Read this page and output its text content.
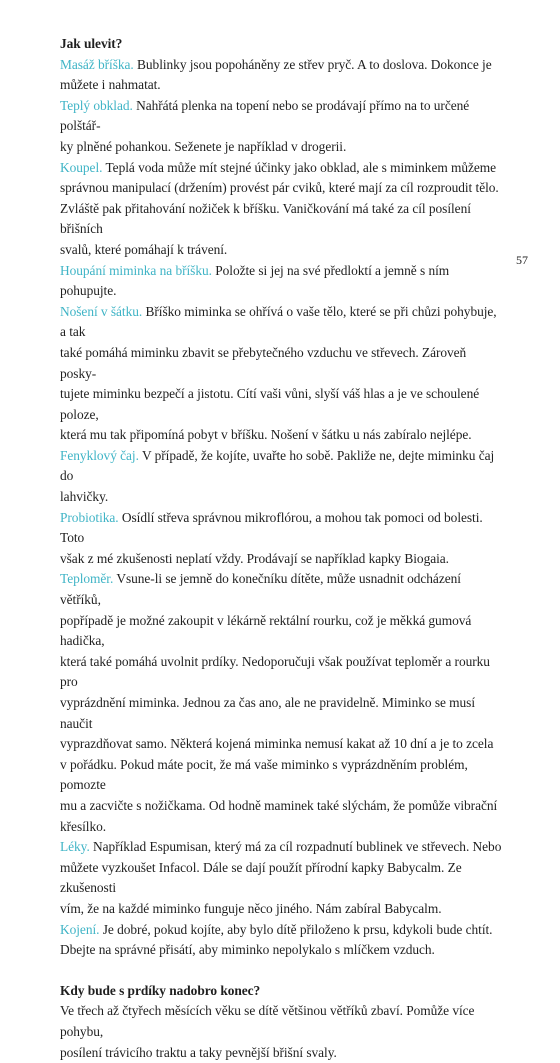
Jak ulevit?

Masáž bříška. Bublinky jsou popoháněny ze střev pryč. A to doslova. Dokonce je
můžete i nahmatat.

Teplý obklad. Nahřátá plenka na topení nebo se prodávají přímo na to určené polštář-
ky plněné pohankou. Seženete je například v drogerii.

Koupel. Teplá voda může mít stejné účinky jako obklad, ale s miminkem můžeme
správnou manipulací (držením) provést pár cviků, které mají za cíl rozproudit tělo.
Zvláště pak přitahování nožiček k bříšku. Vaničkování má také za cíl posílení břišních
svalů, které pomáhají k trávení.

Houpání miminka na bříšku. Položte si jej na své předloktí a jemně s ním pohupujte.

Nošení v šátku. Bříško miminka se ohřívá o vaše tělo, které se při chůzi pohybuje, a tak
také pomáhá miminku zbavit se přebytečného vzduchu ve střevech. Zároveň posky-
tujete miminku bezpečí a jistotu. Cítí vaši vůni, slyší váš hlas a je ve schoulené poloze,
která mu tak připomíná pobyt v bříšku. Nošení v šátku u nás zabíralo nejlépe.

Fenyklový čaj. V případě, že kojíte, uvařte ho sobě. Pakliže ne, dejte miminku čaj do
lahvičky.

Probiotika. Osídlí střeva správnou mikroflórou, a mohou tak pomoci od bolesti. Toto
však z mé zkušenosti neplatí vždy. Prodávají se například kapky Biogaia.

Teploměr. Vsune-li se jemně do konečníku dítěte, může usnadnit odcházení větříků,
popřípadě je možné zakoupit v lékárně rektální rourku, což je měkká gumová hadička,
která také pomáhá uvolnit prdíky. Nedoporučuji však používat teploměr a rourku pro
vyprázdnění miminka. Jednou za čas ano, ale ne pravidelně. Miminko se musí naučit
vyprazdňovat samo. Některá kojená miminka nemusí kakat až 10 dní a je to zcela
v pořádku. Pokud máte pocit, že má vaše miminko s vyprázdněním problém, pomozte
mu a zacvičte s nožičkama. Od hodně maminek také slýchám, že pomůže vibrační
křesílko.

Léky. Například Espumisan, který má za cíl rozpadnutí bublinek ve střevech. Nebo
můžete vyzkoušet Infacol. Dále se dají použít přírodní kapky Babycalm. Ze zkušenosti
vím, že na každé miminko funguje něco jiného. Nám zabíral Babycalm.

Kojení. Je dobré, pokud kojíte, aby bylo dítě přiloženo k prsu, kdykoli bude chtít.
Dbejte na správné přisátí, aby miminko nepolykalo s mlíčkem vzduch.

Kdy bude s prdíky nadobro konec?

Ve třech až čtyřech měsících věku se dítě většinou větříků zbaví. Pomůže více pohybu,
posílení trávicího traktu a taky pevnější břišní svaly.

57
